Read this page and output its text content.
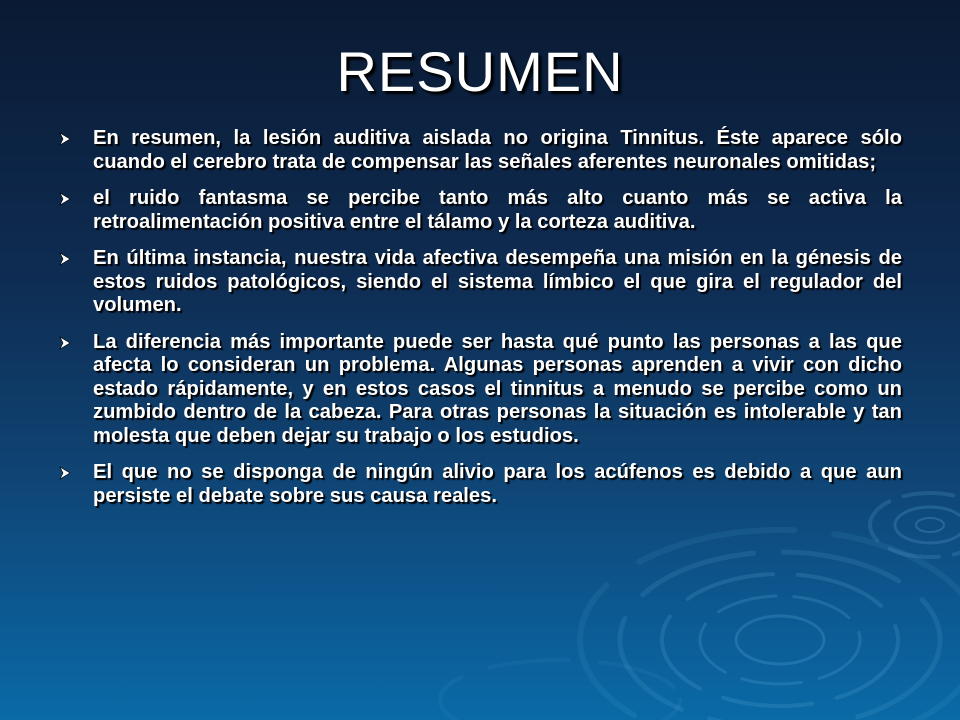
RESUMEN
En resumen, la lesión auditiva aislada no origina Tinnitus. Éste aparece sólo cuando el cerebro trata de compensar las señales aferentes neuronales omitidas;
el ruido fantasma se percibe tanto más alto cuanto más se activa la retroalimentación positiva entre el tálamo y la corteza auditiva.
En última instancia, nuestra vida afectiva desempeña una misión en la génesis de estos ruidos patológicos, siendo el sistema límbico el que gira el regulador del volumen.
La diferencia más importante puede ser hasta qué punto las personas a las que afecta lo consideran un problema. Algunas personas aprenden a vivir con dicho estado rápidamente, y en estos casos el tinnitus a menudo se percibe como un zumbido dentro de la cabeza. Para otras personas la situación es intolerable y tan molesta que deben dejar su trabajo o los estudios.
El que no se disponga de ningún alivio para los acúfenos es debido a que aun persiste el debate sobre sus causa reales.
